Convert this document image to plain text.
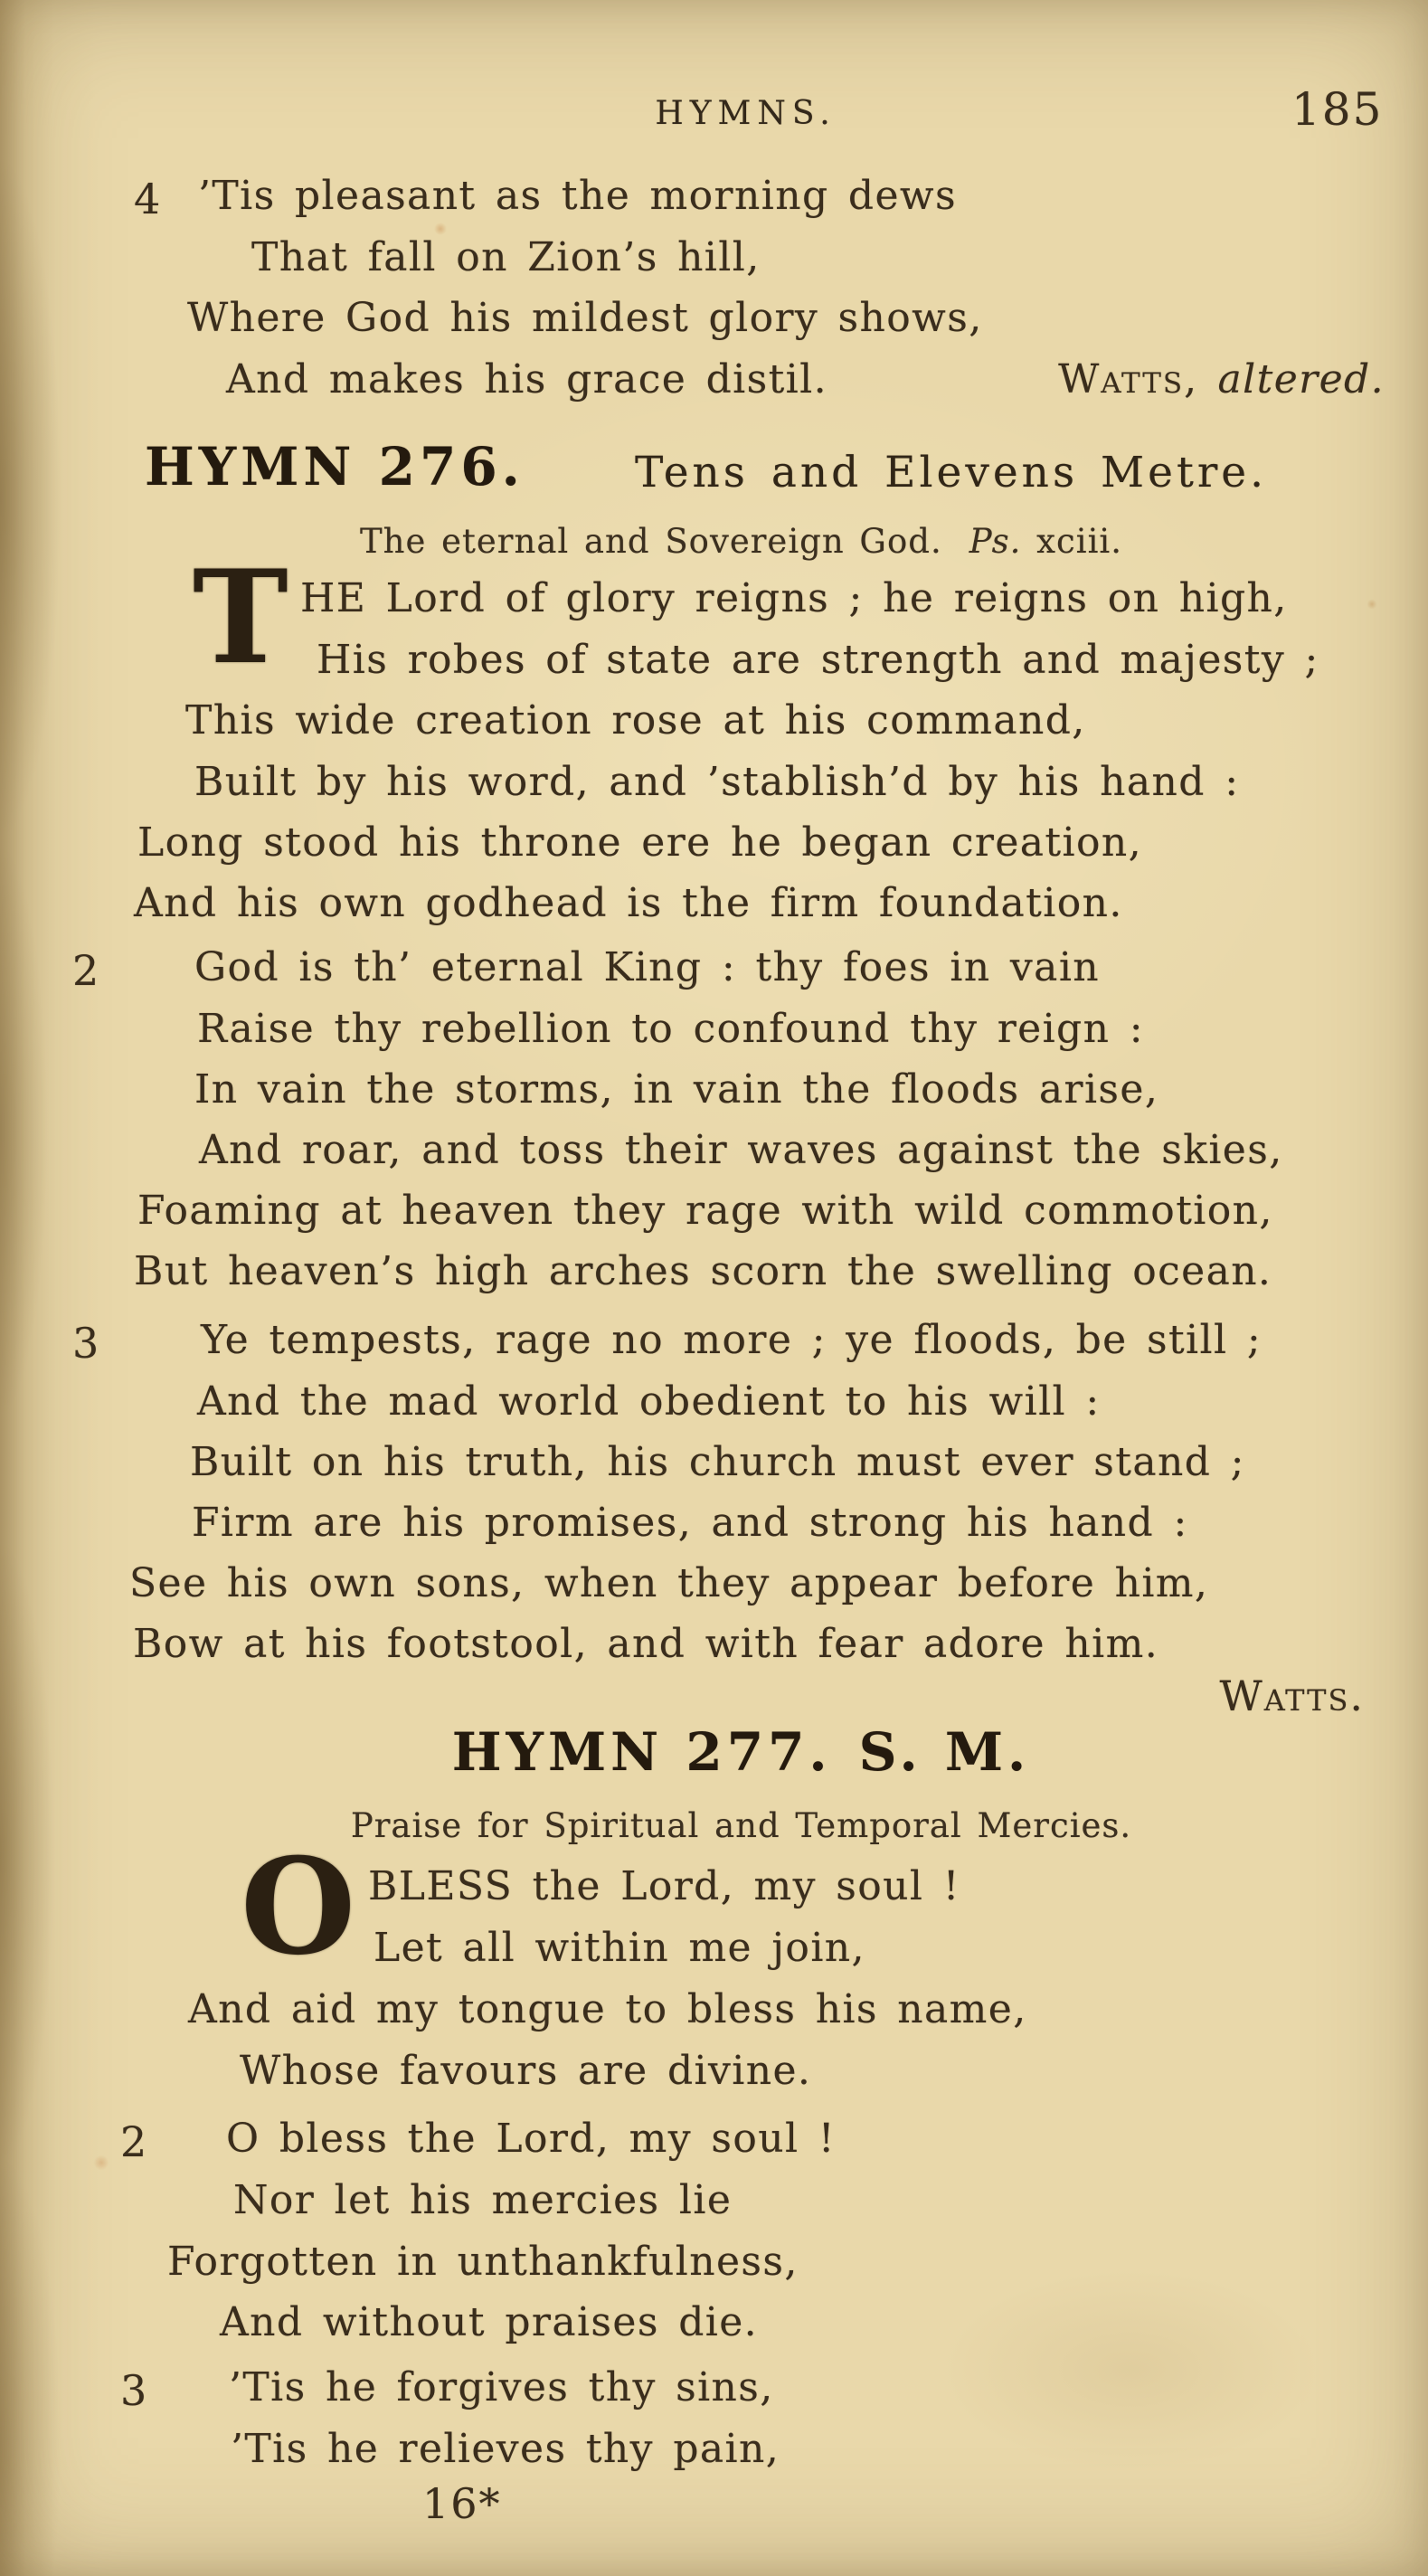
HYMNS.	185
4 ’Tis pleasant as the morning dews
That fall on Zion’s hill,
Where God his mildest glory shows,
And makes his grace distil.	Watts, altered.
HYMN 276.	Tens and Elevens Metre.
The eternal and Sovereign God. Ps. xciii.
T HE Lord of glory reigns ; he reigns on high,
His robes of state are strength and majesty ;
This wide creation rose at his command,
Built by his word, and ’stablish’d by his hand :
Long stood his throne ere he began creation,
And his own godhead is the firm foundation.
2 God is th’ eternal King : thy foes in vain
Raise thy rebellion to confound thy reign :
In vain the storms, in vain the floods arise,
And roar, and toss their waves against the skies,
Foaming at heaven they rage with wild commotion,
But heaven’s high arches scorn the swelling ocean.
3	Ye tempests, rage no more ; ye floods, be still ;
And the mad world obedient to his will :
Built on his truth, his church must ever stand ;
Firm are his promises, and strong his hand :
See his own sons, when they appear before him,
Bow at his footstool, and with fear adore him.
Watts.
HYMN 277. S. M.
Praise for Spiritual and Temporal Mercies.
O BLESS the Lord, my soul !
Let all within me join,
And aid my tongue to bless his name,
Whose favours are divine.
2 O bless the Lord, my soul !
Nor let his mercies lie
Forgotten in unthankfulness,
And without praises die.
3 ’Tis he forgives thy sins,
’Tis he relieves thy pain,
16*
